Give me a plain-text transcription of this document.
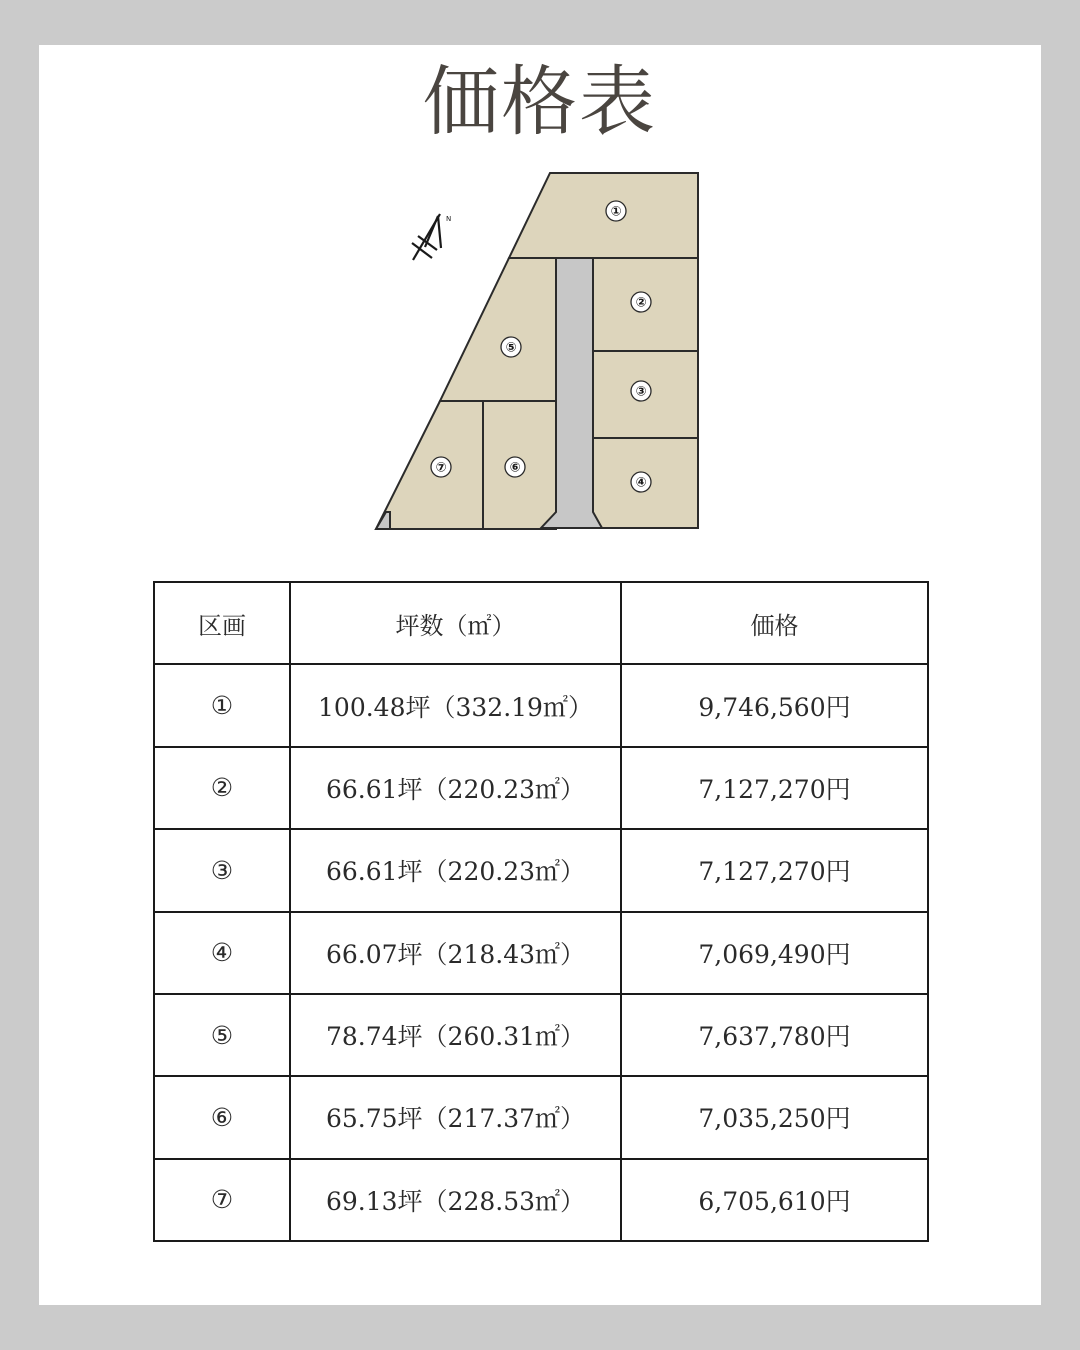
価格表
N	①
②
③
④
⑤
⑥
⑦
区画	坪数（㎡）	価格
①	100.48坪（332.19㎡）	9,746,560円
②	66.61坪（220.23㎡）	7,127,270円
③	66.61坪（220.23㎡）	7,127,270円
④	66.07坪（218.43㎡）	7,069,490円
⑤	78.74坪（260.31㎡）	7,637,780円
⑥	65.75坪（217.37㎡）	7,035,250円
⑦	69.13坪（228.53㎡）	6,705,610円
